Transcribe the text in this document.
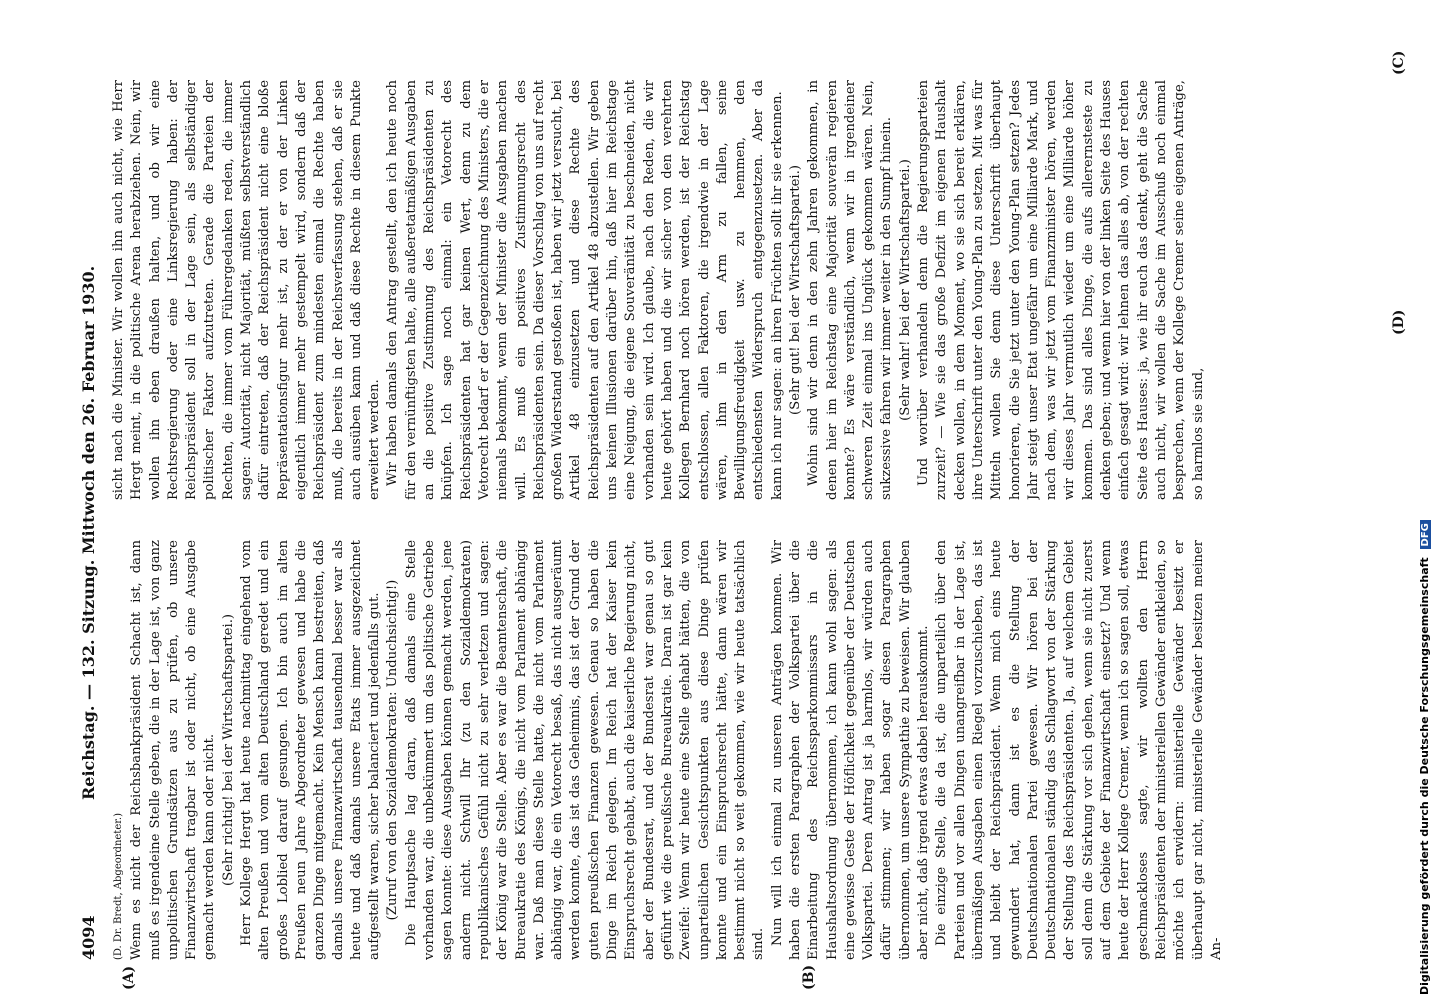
4094
Reichstag. — 132. Sitzung. Mittwoch den 26. Februar 1930.

(D. Dr. Bredt, Abgeordneter.) Wenn es nicht der Reichsbankpräsident Schacht ist, dann muß es irgendeine Stelle geben, die in der Lage ist, von ganz unpolitischen Grundsätzen aus zu prüfen, ob unsere Finanzwirtschaft tragbar ist oder nicht, ob eine Ausgabe gemacht werden kann oder nicht. (Sehr richtig! bei der Wirtschaftspartei.) Herr Kollege Hergt hat heute nachmittag eingehend vom alten Preußen und vom alten Deutschland geredet und ein großes Loblied darauf gesungen. Ich bin auch im alten Preußen neun Jahre Abgeordneter gewesen und habe die ganzen Dinge mitgemacht. Kein Mensch kann bestreiten, daß damals unsere Finanzwirtschaft tausendmal besser war als heute und daß damals unsere Etats immer ausgezeichnet aufgestellt waren, sicher balanciert und jedenfalls gut. (Zuruf von den Sozialdemokraten: Unduchsichtig!) Die Hauptsache lag daran, daß damals eine Stelle vorhanden war, die unbekümmert um das politische Getriebe sagen konnte: diese Ausgaben können gemacht werden, jene andern nicht. Schwill Ihr (zu den Sozialdemokraten) republikanisches Gefühl nicht zu sehr verletzen und sagen: der König war die Stelle. Aber es war die Beamtenschaft, die Bureaukratie des Königs, die nicht vom Parlament abhängig war. Daß man diese Stelle hatte, die nicht vom Parlament abhängig war, die ein Vetorecht besaß, das nicht ausgeräumt werden konnte, das ist das Geheimnis, das ist der Grund der guten preußischen Finanzen gewesen. Genau so haben die Dinge im Reich gelegen. Im Reich hat der Kaiser kein Einspruchsrecht gehabt, auch die kaiserliche Regierung nicht, aber der Bundesrat, und der Bundesrat war genau so gut geführt wie die preußische Bureaukratie. Daran ist gar kein Zweifel: Wenn wir heute eine Stelle gehabt hätten, die von unparteilichen Gesichtspunkten aus diese Dinge prüfen konnte und ein Einspruchsrecht hätte, dann wären wir bestimmt nicht so weit gekommen, wie wir heute tatsächlich sind. Nun will ich einmal zu unseren Anträgen kommen. Wir haben die ersten Paragraphen der Volkspartei über die Einarbeitung des Reichssparkommissars in die Haushaltsordnung übernommen, ich kann wohl sagen: als eine gewisse Geste der Höflichkeit gegenüber der Deutschen Volkspartei. Deren Antrag ist ja harmlos, wir würden auch dafür stimmen; wir haben sogar diesen Paragraphen übernommen, um unsere Sympathie zu beweisen. Wir glauben aber nicht, daß irgend etwas dabei herauskommt. Die einzige Stelle, die da ist, die unparteilich über den Parteien und vor allen Dingen unangreifbar in der Lage ist, übermäßigen Ausgaben einen Riegel vorzuschieben, das ist und bleibt der Reichspräsident. Wenn mich eins heute gewundert hat, dann ist es die Stellung der Deutschnationalen Partei gewesen. Wir hören bei der Deutschnationalen ständig das Schlagwort von der Stärkung der Stellung des Reichspräsidenten. Ja, auf welchem Gebiet soll denn die Stärkung vor sich gehen, wenn sie nicht zuerst auf dem Gebiete der Finanzwirtschaft einsetzt? Und wenn heute der Herr Kollege Cremer, wenn ich so sagen soll, etwas geschmackloses sagte, wir wollten den Herrn Reichspräsidenten der ministeriellen Gewänder entkleiden, so möchte ich erwidern: ministerielle Gewänder besitzt er überhaupt gar nicht, ministerielle Gewänder besitzen meiner An-

sicht nach die Minister. Wir wollen ihn auch nicht, wie Herr Hergt meint, in die politische Arena herabziehen. Nein, wir wollen ihn eben draußen halten, und ob wir eine Rechtsregierung oder eine Linksregierung haben: der Reichspräsident soll in der Lage sein, als selbständiger politischer Faktor aufzutreten. Gerade die Parteien der Rechten, die immer vom Führergedanken reden, die immer sagen: Autorität, nicht Majorität, müßten selbstverständlich dafür eintreten, daß der Reichspräsident nicht eine bloße Repräsentationsfigur mehr ist, zu der er von der Linken eigentlich immer mehr gestempelt wird, sondern daß der Reichspräsident zum mindesten einmal die Rechte haben muß, die bereits in der Reichsverfassung stehen, daß er sie auch ausüben kann und daß diese Rechte in diesem Punkte erweitert werden. Wir haben damals den Antrag gestellt, den ich heute noch für den vernünftigsten halte, alle außeretatmäßigen Ausgaben an die positive Zustimmung des Reichspräsidenten zu knüpfen. Ich sage noch einmal: ein Vetorecht des Reichspräsidenten hat gar keinen Wert, denn zu dem Vetorecht bedarf er der Gegenzeichnung des Ministers, die er niemals bekommt, wenn der Minister die Ausgaben machen will. Es muß ein positives Zustimmungsrecht des Reichspräsidenten sein. Da dieser Vorschlag von uns auf recht großen Widerstand gestoßen ist, haben wir jetzt versucht, bei Artikel 48 einzusetzen und diese Rechte des Reichspräsidenten auf den Artikel 48 abzustellen. Wir geben uns keinen Illusionen darüber hin, daß hier im Reichstage eine Neigung, die eigene Souveränität zu beschneiden, nicht vorhanden sein wird. Ich glaube, nach den Reden, die wir heute gehört haben und die wir sicher von den verehrten Kollegen Bernhard noch hören werden, ist der Reichstag entschlossen, allen Faktoren, die irgendwie in der Lage wären, ihm in den Arm zu fallen, seine Bewilligungsfreudigkeit usw. zu hemmen, den entschiedensten Widerspruch entgegenzusetzen. Aber da kann ich nur sagen: an ihren Früchten sollt ihr sie erkennen. (Sehr gut! bei der Wirtschaftspartei.) Wohin sind wir denn in den zehn Jahren gekommen, in denen hier im Reichstag eine Majorität souverän regieren konnte? Es wäre verständlich, wenn wir in irgendeiner schweren Zeit einmal ins Unglück gekommen wären. Nein, sukzessive fahren wir immer weiter in den Sumpf hinein. (Sehr wahr! bei der Wirtschaftspartei.) Und worüber verhandeln denn die Regierungsparteien zurzeit? — Wie sie das große Defizit im eigenen Haushalt decken wollen, in dem Moment, wo sie sich bereit erklären, ihre Unterschrift unter den Young-Plan zu setzen. Mit was für Mitteln wollen Sie denn diese Unterschrift überhaupt honorieren, die Sie jetzt unter den Young-Plan setzen? Jedes Jahr steigt unser Etat ungefähr um eine Milliarde Mark, und nach dem, was wir jetzt vom Finanzminister hören, werden wir dieses Jahr vermutlich wieder um eine Milliarde höher kommen. Das sind alles Dinge, die aufs allerernsteste zu denken geben; und wenn hier von der linken Seite des Hauses einfach gesagt wird: wir lehnen das alles ab, von der rechten Seite des Hauses: ja, wie ihr euch das denkt, geht die Sache auch nicht, wir wollen die Sache im Ausschuß noch einmal besprechen, wenn der Kollege Cremer seine eigenen Anträge, so harmlos sie sind,

(A)	(B)
(C)
(D)
Digitalisierung gefördert durch die Deutsche Forschungsgemeinschaft DFG
